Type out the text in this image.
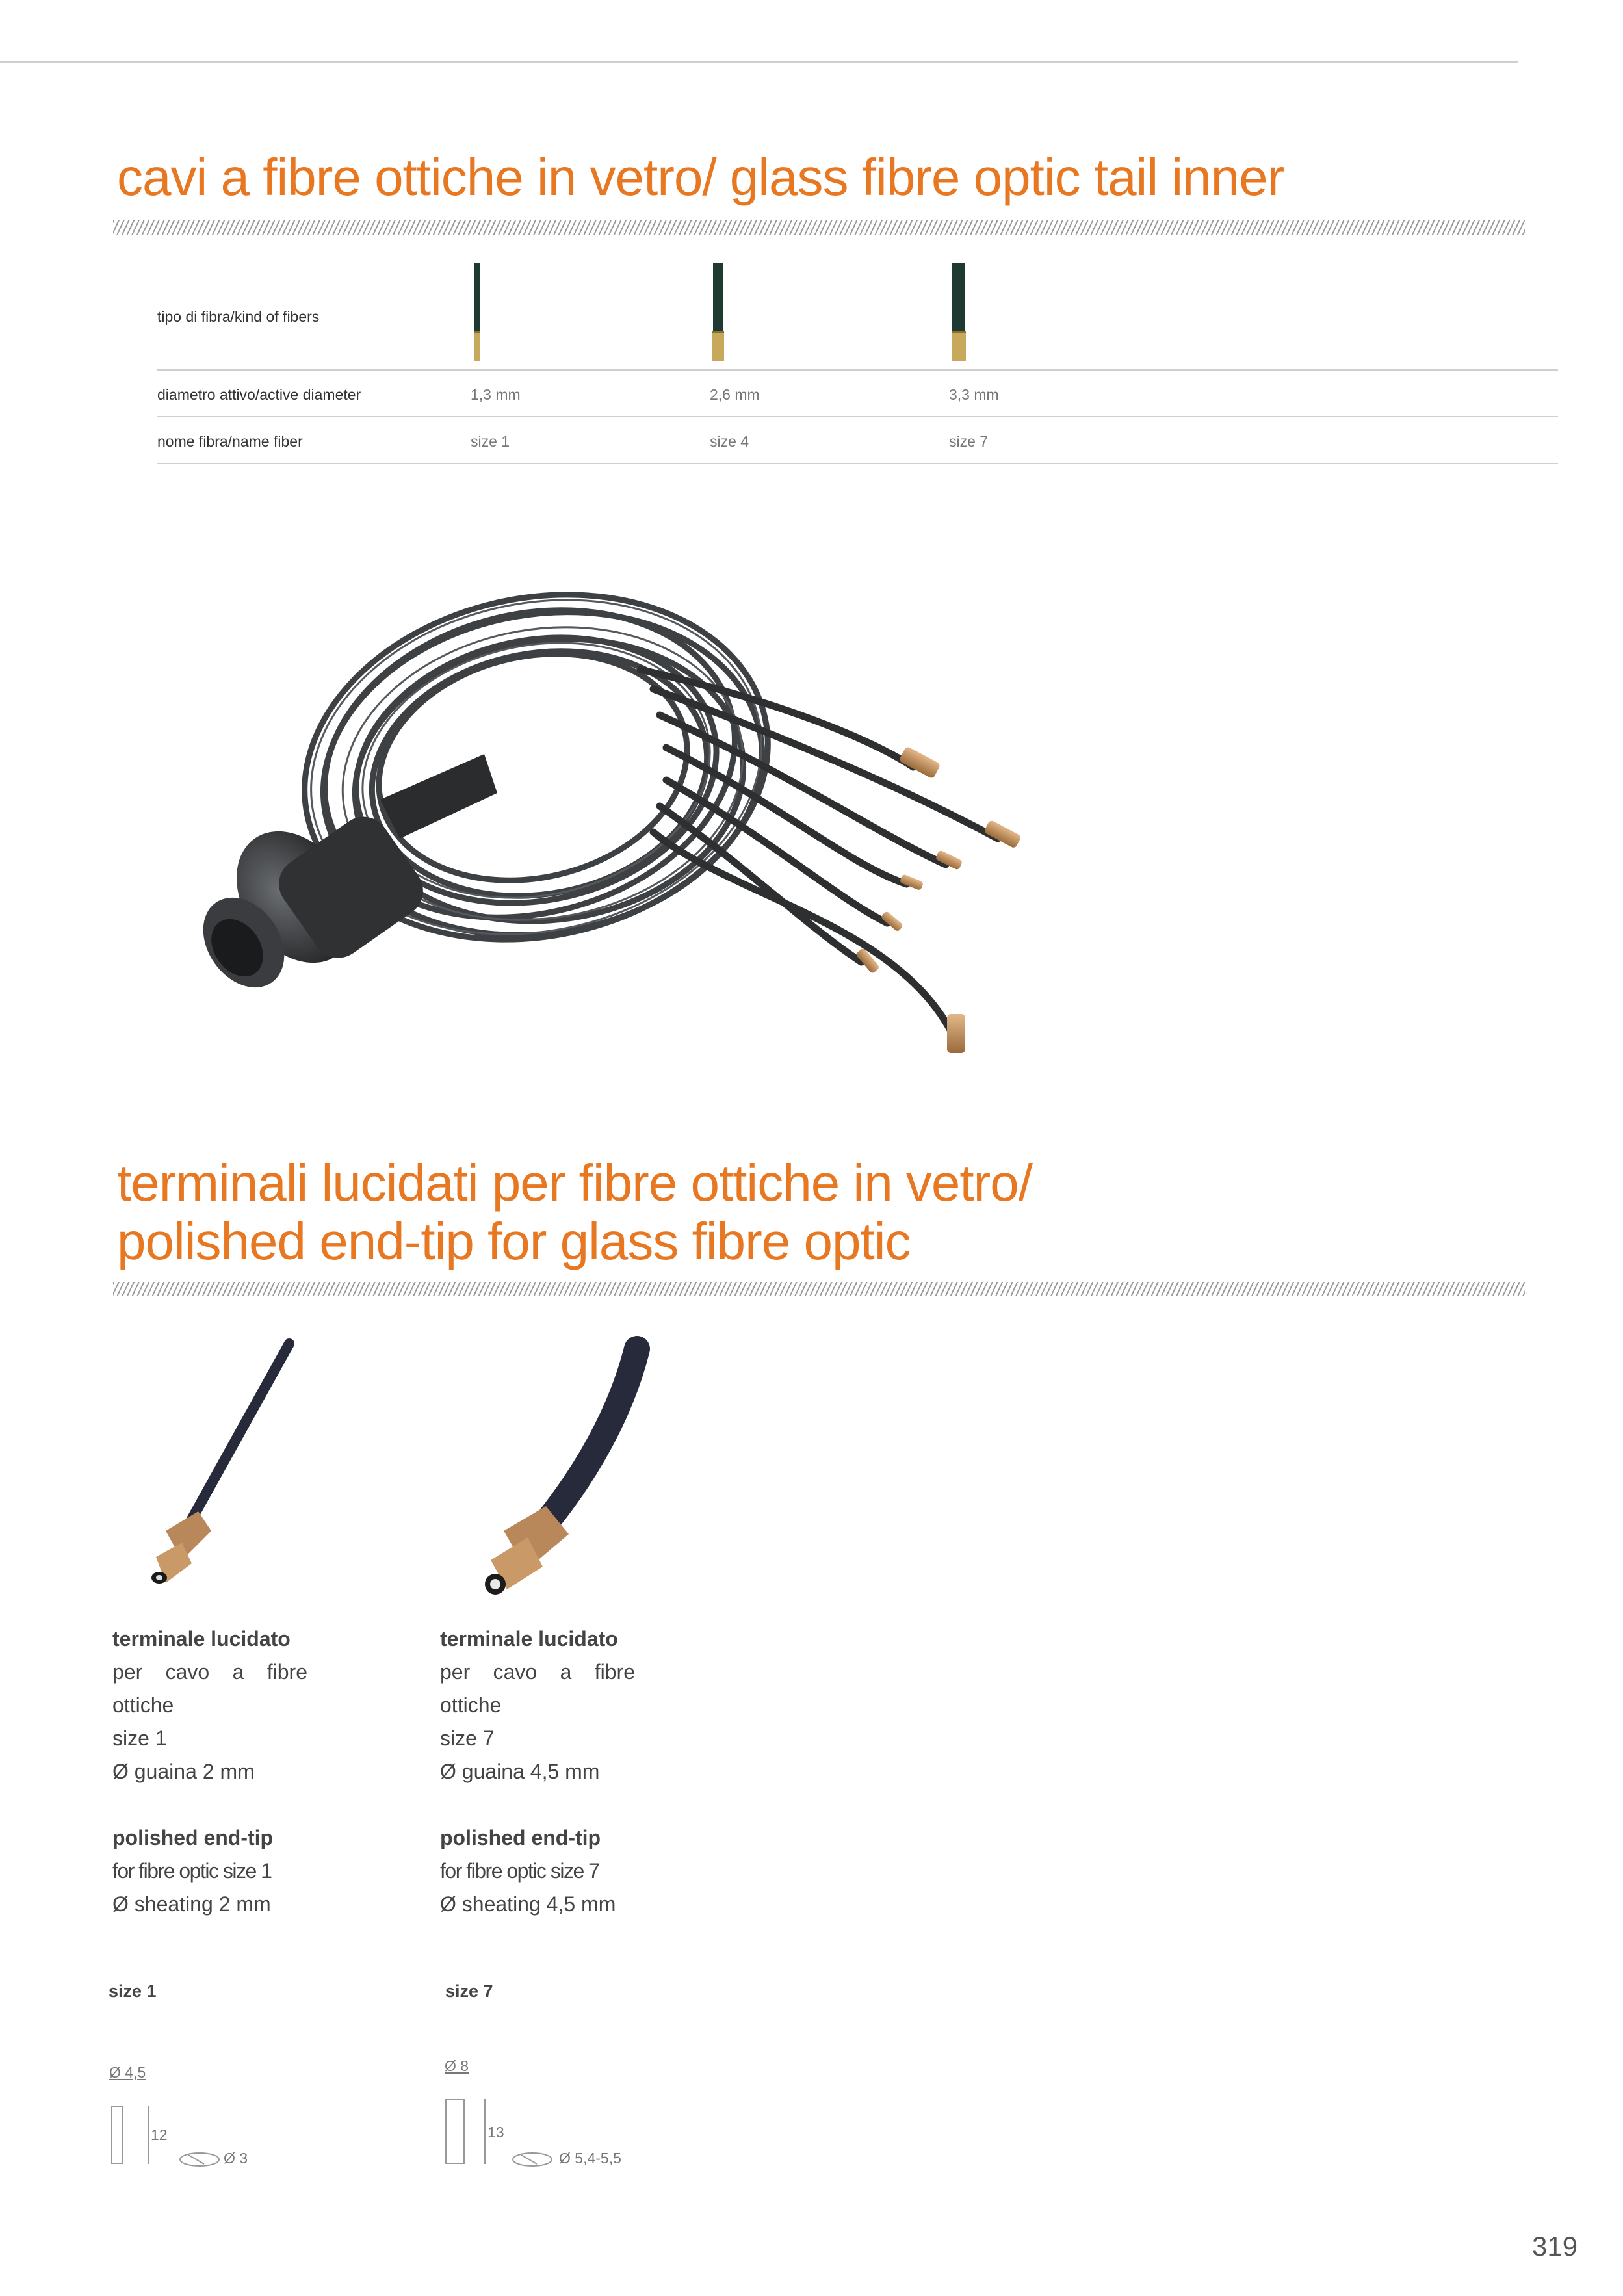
cavi a fibre ottiche in vetro/ glass fibre optic tail inner
tipo di fibra/kind of fibers
diametro attivo/active diameter	1,3 mm	2,6 mm	3,3 mm
nome fibra/name fiber	size 1	size 4	size 7
terminali lucidati per fibre ottiche in vetro/
polished end-tip for glass fibre optic
terminale lucidato
per cavo a fibre
ottiche
size 1
Ø guaina 2 mm
polished end-tip
for fibre optic size 1
Ø sheating 2 mm
terminale lucidato
per cavo a fibre
ottiche
size 7
Ø guaina 4,5 mm
polished end-tip
for fibre optic size 7
Ø sheating 4,5 mm
size 1	size 7
Ø 4,5
12
Ø 3
Ø 8
13
Ø 5,4-5,5
319
